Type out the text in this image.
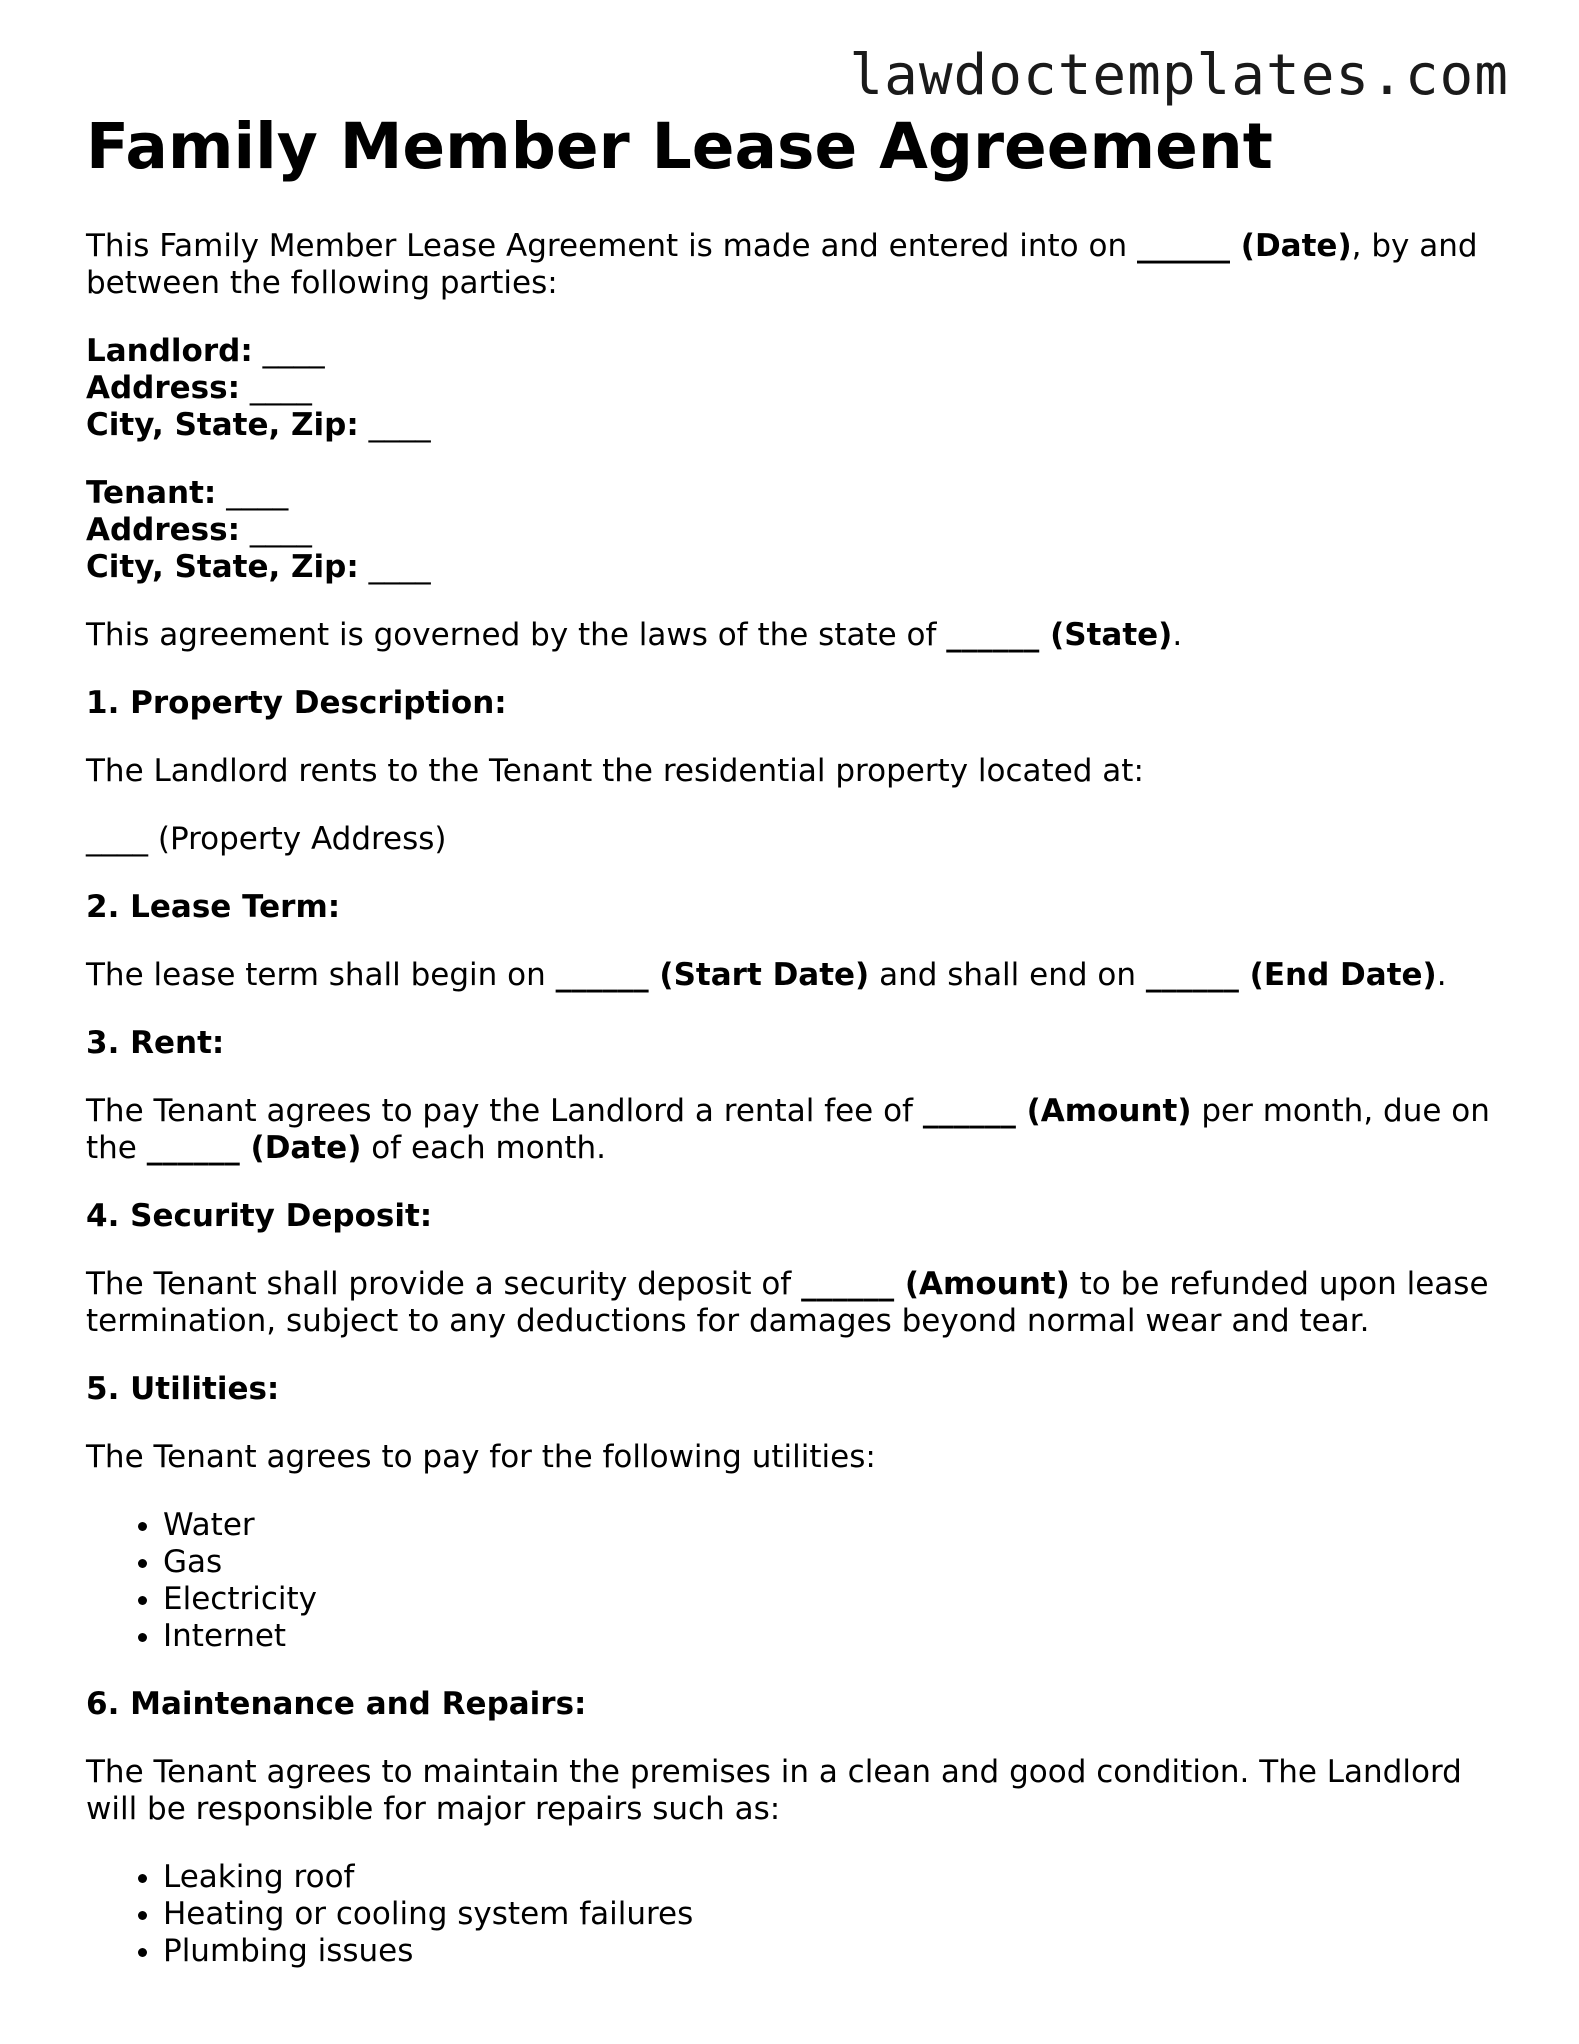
lawdoctemplates.com
Family Member Lease Agreement
This Family Member Lease Agreement is made and entered into on ______ (Date), by and between the following parties:
Landlord: ____
Address: ____
City, State, Zip: ____
Tenant: ____
Address: ____
City, State, Zip: ____
This agreement is governed by the laws of the state of ______ (State).
1. Property Description:
The Landlord rents to the Tenant the residential property located at:
____ (Property Address)
2. Lease Term:
The lease term shall begin on ______ (Start Date) and shall end on ______ (End Date).
3. Rent:
The Tenant agrees to pay the Landlord a rental fee of ______ (Amount) per month, due on the ______ (Date) of each month.
4. Security Deposit:
The Tenant shall provide a security deposit of ______ (Amount) to be refunded upon lease termination, subject to any deductions for damages beyond normal wear and tear.
5. Utilities:
The Tenant agrees to pay for the following utilities:
• Water
• Gas
• Electricity
• Internet
6. Maintenance and Repairs:
The Tenant agrees to maintain the premises in a clean and good condition. The Landlord will be responsible for major repairs such as:
• Leaking roof
• Heating or cooling system failures
• Plumbing issues
